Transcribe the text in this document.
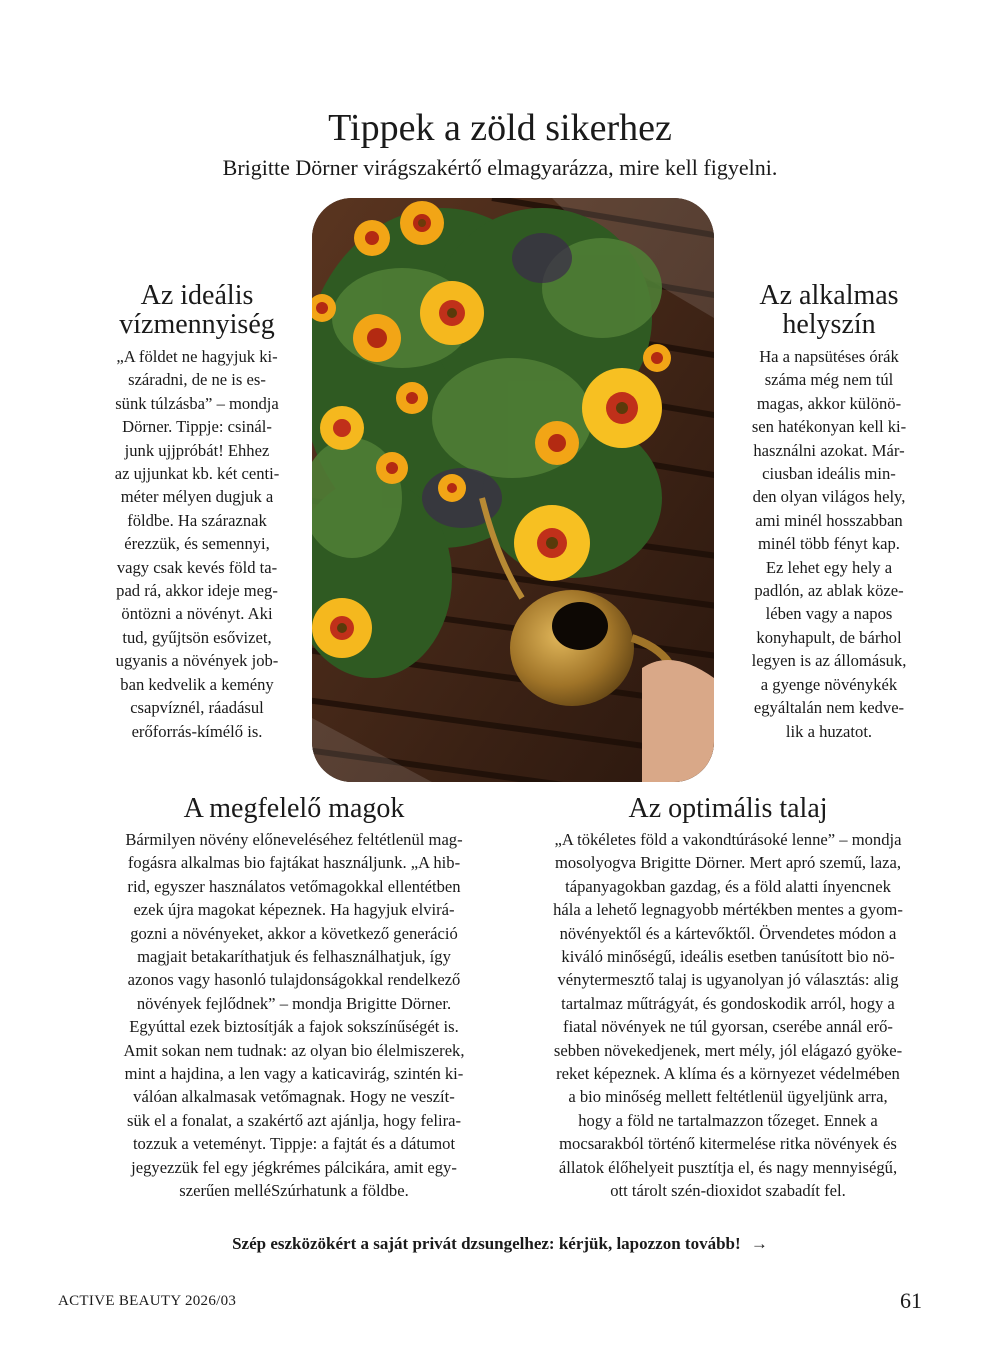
Tippek a zöld sikerhez

Brigitte Dörner virágszakértő elmagyarázza, mire kell figyelni.

Az ideális
vízmennyiség
„A földet ne hagyjuk ki-
száradni, de ne is es-
sünk túlzásba” – mondja
Dörner. Tippje: csinál-
junk ujjpróbát! Ehhez
az ujjunkat kb. két centi-
méter mélyen dugjuk a
földbe. Ha száraznak
érezzük, és semennyi,
vagy csak kevés föld ta-
pad rá, akkor ideje meg-
öntözni a növényt. Aki
tud, gyűjtsön esővizet,
ugyanis a növények job-
ban kedvelik a kemény
csapvíznél, ráadásul
erőforrás-kímélő is.
Az alkalmas
helyszín
Ha a napsütéses órák
száma még nem túl
magas, akkor különö-
sen hatékonyan kell ki-
használni azokat. Már-
ciusban ideális min-
den olyan világos hely,
ami minél hosszabban
minél több fényt kap.
Ez lehet egy hely a
padlón, az ablak köze-
lében vagy a napos
konyhapult, de bárhol
legyen is az állomásuk,
a gyenge növénykék
egyáltalán nem kedve-
lik a huzatot.
A megfelelő magok
Bármilyen növény előneveléséhez feltétlenül mag-
fogásra alkalmas bio fajtákat használjunk. „A hib-
rid, egyszer használatos vetőmagokkal ellentétben
ezek újra magokat képeznek. Ha hagyjuk elvirá-
gozni a növényeket, akkor a következő generáció
magjait betakaríthatjuk és felhasználhatjuk, így
azonos vagy hasonló tulajdonságokkal rendelkező
növények fejlődnek” – mondja Brigitte Dörner.
Egyúttal ezek biztosítják a fajok sokszínűségét is.
Amit sokan nem tudnak: az olyan bio élelmiszerek,
mint a hajdina, a len vagy a katicavirág, szintén ki-
válóan alkalmasak vetőmagnak. Hogy ne veszít-
sük el a fonalat, a szakértő azt ajánlja, hogy felira-
tozzuk a veteményt. Tippje: a fajtát és a dátumot
jegyezzük fel egy jégkrémes pálcikára, amit egy-
szerűen melléSzúrhatunk a földbe.
Az optimális talaj
„A tökéletes föld a vakondtúrásoké lenne” – mondja
mosolyogva Brigitte Dörner. Mert apró szemű, laza,
tápanyagokban gazdag, és a föld alatti ínyencnek
hála a lehető legnagyobb mértékben mentes a gyom-
növényektől és a kártevőktől. Örvendetes módon a
kiváló minőségű, ideális esetben tanúsított bio nö-
vénytermesztő talaj is ugyanolyan jó választás: alig
tartalmaz műtrágyát, és gondoskodik arról, hogy a
fiatal növények ne túl gyorsan, cserébe annál erő-
sebben növekedjenek, mert mély, jól elágazó gyöke-
reket képeznek. A klíma és a környezet védelmében
a bio minőség mellett feltétlenül ügyeljünk arra,
hogy a föld ne tartalmazzon tőzeget. Ennek a
mocsarakból történő kitermelése ritka növények és
állatok élőhelyeit pusztítja el, és nagy mennyiségű,
ott tárolt szén-dioxidot szabadít fel.
Szép eszközökért a saját privát dzsungelhez: kérjük, lapozzon tovább! →
ACTIVE BEAUTY 2026/03	61
